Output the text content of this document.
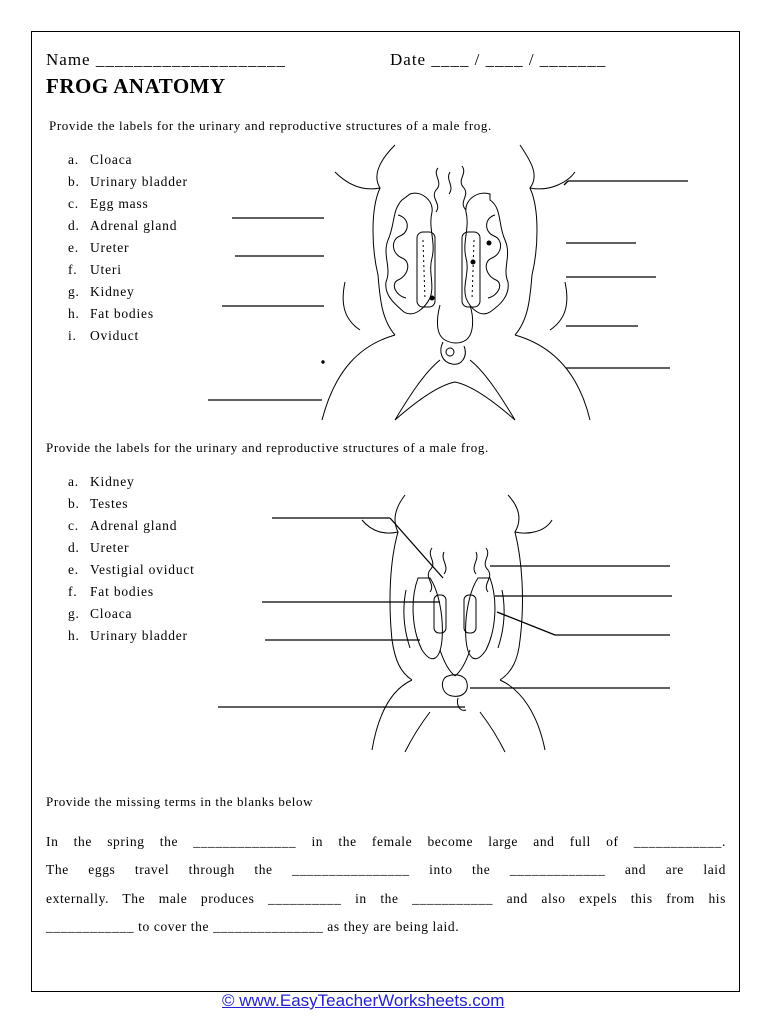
Name ____________________	Date ____ / ____ / _______
FROG ANATOMY
Provide the labels for the urinary and reproductive structures of a male frog.
a. Cloaca
b. Urinary bladder
c. Egg mass
d. Adrenal gland
e. Ureter
f. Uteri
g. Kidney
h. Fat bodies
i. Oviduct
Provide the labels for the urinary and reproductive structures of a male frog.
a. Kidney
b. Testes
c. Adrenal gland
d. Ureter
e. Vestigial oviduct
f. Fat bodies
g. Cloaca
h. Urinary bladder
Provide the missing terms in the blanks below
In the spring the ______________ in the female become large and full of ____________.
The eggs travel through the ________________ into the _____________ and are laid
externally. The male produces __________ in the ___________ and also expels this from his
____________ to cover the _______________ as they are being laid.
© www.EasyTeacherWorksheets.com
